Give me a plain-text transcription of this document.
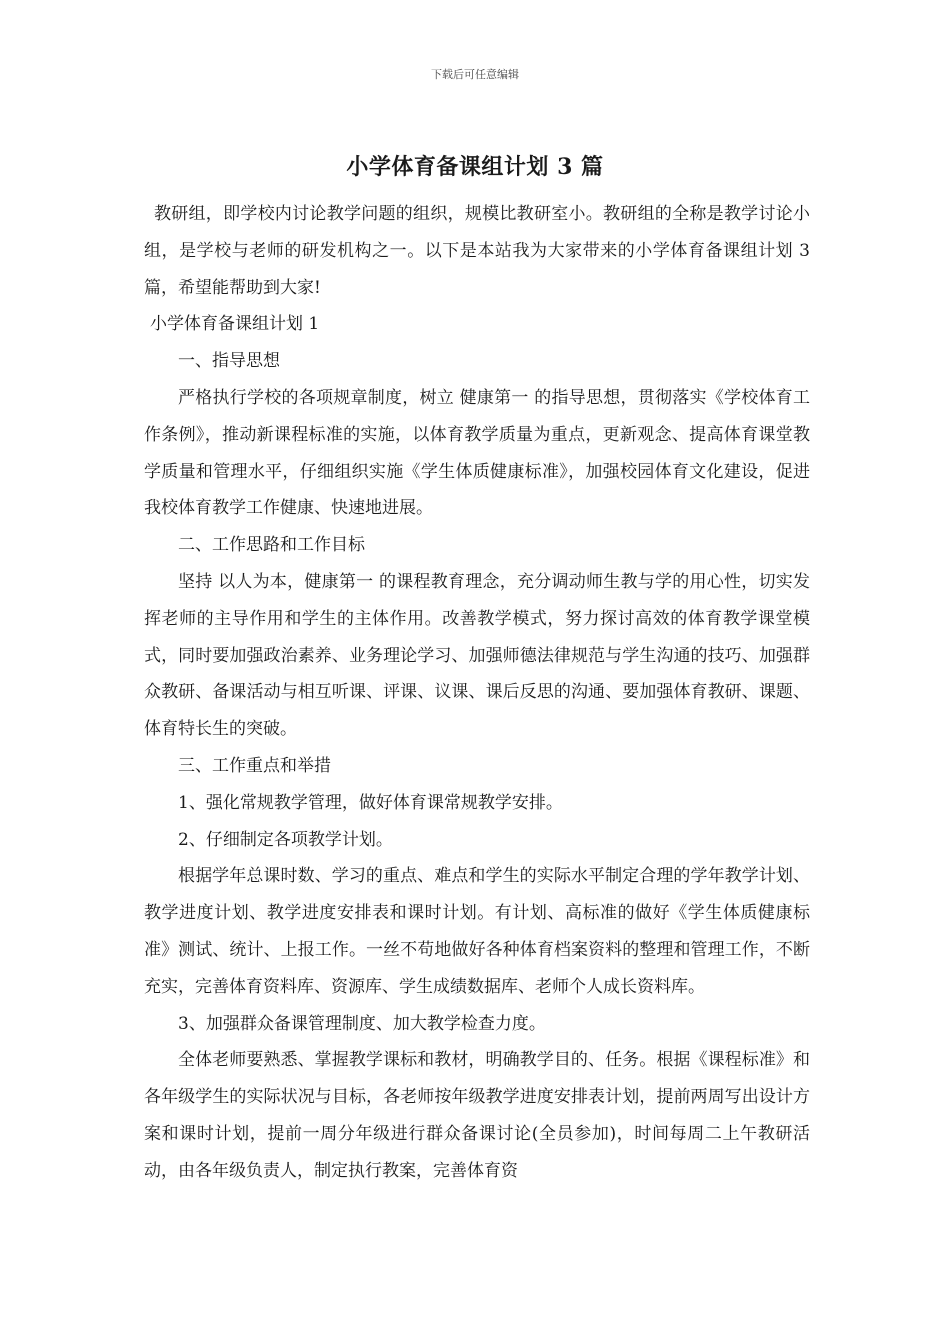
下载后可任意编辑
小学体育备课组计划 3 篇

教研组，即学校内讨论教学问题的组织，规模比教研室小。教研组的全称是教学讨论小组，是学校与老师的研发机构之一。以下是本站我为大家带来的小学体育备课组计划 3 篇，希望能帮助到大家!

小学体育备课组计划 1

一、指导思想

严格执行学校的各项规章制度，树立 健康第一 的指导思想，贯彻落实《学校体育工作条例》，推动新课程标准的实施，以体育教学质量为重点，更新观念、提高体育课堂教学质量和管理水平，仔细组织实施《学生体质健康标准》，加强校园体育文化建设，促进我校体育教学工作健康、快速地进展。

二、工作思路和工作目标

坚持 以人为本，健康第一 的课程教育理念，充分调动师生教与学的用心性，切实发挥老师的主导作用和学生的主体作用。改善教学模式，努力探讨高效的体育教学课堂模式，同时要加强政治素养、业务理论学习、加强师德法律规范与学生沟通的技巧、加强群众教研、备课活动与相互听课、评课、议课、课后反思的沟通、要加强体育教研、课题、体育特长生的突破。

三、工作重点和举措

1、强化常规教学管理，做好体育课常规教学安排。

2、仔细制定各项教学计划。

根据学年总课时数、学习的重点、难点和学生的实际水平制定合理的学年教学计划、教学进度计划、教学进度安排表和课时计划。有计划、高标准的做好《学生体质健康标准》测试、统计、上报工作。一丝不苟地做好各种体育档案资料的整理和管理工作，不断充实，完善体育资料库、资源库、学生成绩数据库、老师个人成长资料库。

3、加强群众备课管理制度、加大教学检查力度。

全体老师要熟悉、掌握教学课标和教材，明确教学目的、任务。根据《课程标准》和各年级学生的实际状况与目标，各老师按年级教学进度安排表计划，提前两周写出设计方案和课时计划，提前一周分年级进行群众备课讨论(全员参加)，时间每周二上午教研活动，由各年级负责人，制定执行教案，完善体育资
